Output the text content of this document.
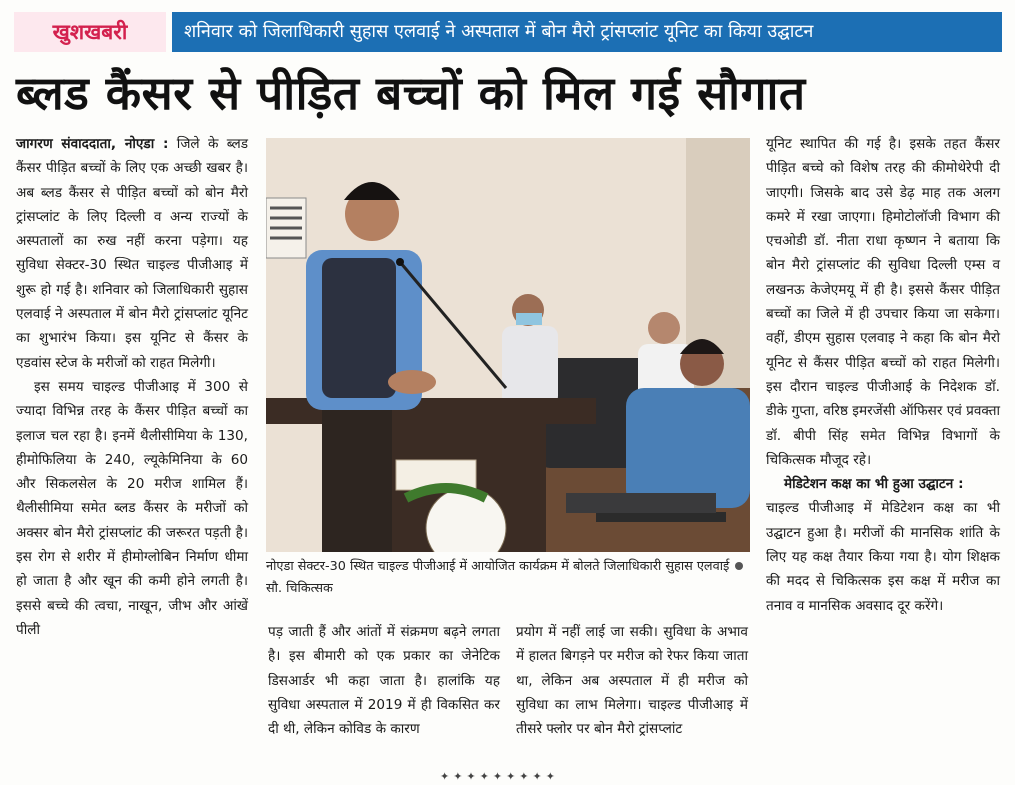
खुशखबरी	शनिवार को जिलाधिकारी सुहास एलवाई ने अस्पताल में बोन मैरो ट्रांसप्लांट यूनिट का किया उद्घाटन
ब्लड कैंसर से पीड़ित बच्चों को मिल गई सौगात

जागरण संवाददाता, नोएडा : जिले के ब्लड कैंसर पीड़ित बच्चों के लिए एक अच्छी खबर है। अब ब्लड कैंसर से पीड़ित बच्चों को बोन मैरो ट्रांसप्लांट के लिए दिल्ली व अन्य राज्यों के अस्पतालों का रुख नहीं करना पड़ेगा। यह सुविधा सेक्टर-30 स्थित चाइल्ड पीजीआइ में शुरू हो गई है। शनिवार को जिलाधिकारी सुहास एलवाई ने अस्पताल में बोन मैरो ट्रांसप्लांट यूनिट का शुभारंभ किया। इस यूनिट से कैंसर के एडवांस स्टेज के मरीजों को राहत मिलेगी।

इस समय चाइल्ड पीजीआइ में 300 से ज्यादा विभिन्न तरह के कैंसर पीड़ित बच्चों का इलाज चल रहा है। इनमें थैलीसीमिया के 130, हीमोफिलिया के 240, ल्यूकेमिनिया के 60 और सिकलसेल के 20 मरीज शामिल हैं। थैलीसीमिया समेत ब्लड कैंसर के मरीजों को अक्सर बोन मैरो ट्रांसप्लांट की जरूरत पड़ती है। इस रोग से शरीर में हीमोग्लोबिन निर्माण धीमा हो जाता है और खून की कमी होने लगती है। इससे बच्चे की त्वचा, नाखून, जीभ और आंखें पीली

नोएडा सेक्टर-30 स्थित चाइल्ड पीजीआई में आयोजित कार्यक्रम में बोलते जिलाधिकारी सुहास एलवाईसौ. चिकित्सक

पड़ जाती हैं और आंतों में संक्रमण बढ़ने लगता है। इस बीमारी को एक प्रकार का जेनेटिक डिसआर्डर भी कहा जाता है। हालांकि यह सुविधा अस्पताल में 2019 में ही विकसित कर दी थी, लेकिन कोविड के कारण

प्रयोग में नहीं लाई जा सकी। सुविधा के अभाव में हालत बिगड़ने पर मरीज को रेफर किया जाता था, लेकिन अब अस्पताल में ही मरीज को सुविधा का लाभ मिलेगा। चाइल्ड पीजीआइ में तीसरे फ्लोर पर बोन मैरो ट्रांसप्लांट

यूनिट स्थापित की गई है। इसके तहत कैंसर पीड़ित बच्चे को विशेष तरह की कीमोथेरेपी दी जाएगी। जिसके बाद उसे डेढ़ माह तक अलग कमरे में रखा जाएगा। हिमोटोलॉजी विभाग की एचओडी डॉ. नीता राधा कृष्णन ने बताया कि बोन मैरो ट्रांसप्लांट की सुविधा दिल्ली एम्स व लखनऊ केजेएमयू में ही है। इससे कैंसर पीड़ित बच्चों का जिले में ही उपचार किया जा सकेगा। वहीं, डीएम सुहास एलवाइ ने कहा कि बोन मैरो यूनिट से कैंसर पीड़ित बच्चों को राहत मिलेगी। इस दौरान चाइल्ड पीजीआई के निदेशक डॉ. डीके गुप्ता, वरिष्ठ इमरजेंसी ऑफिसर एवं प्रवक्ता डॉ. बीपी सिंह समेत विभिन्न विभागों के चिकित्सक मौजूद रहे।

मेडिटेशन कक्ष का भी हुआ उद्घाटन :

चाइल्ड पीजीआइ में मेडिटेशन कक्ष का भी उद्घाटन हुआ है। मरीजों की मानसिक शांति के लिए यह कक्ष तैयार किया गया है। योग शिक्षक की मदद से चिकित्सक इस कक्ष में मरीज का तनाव व मानसिक अवसाद दूर करेंगे।

✦✦✦✦✦✦✦✦✦
